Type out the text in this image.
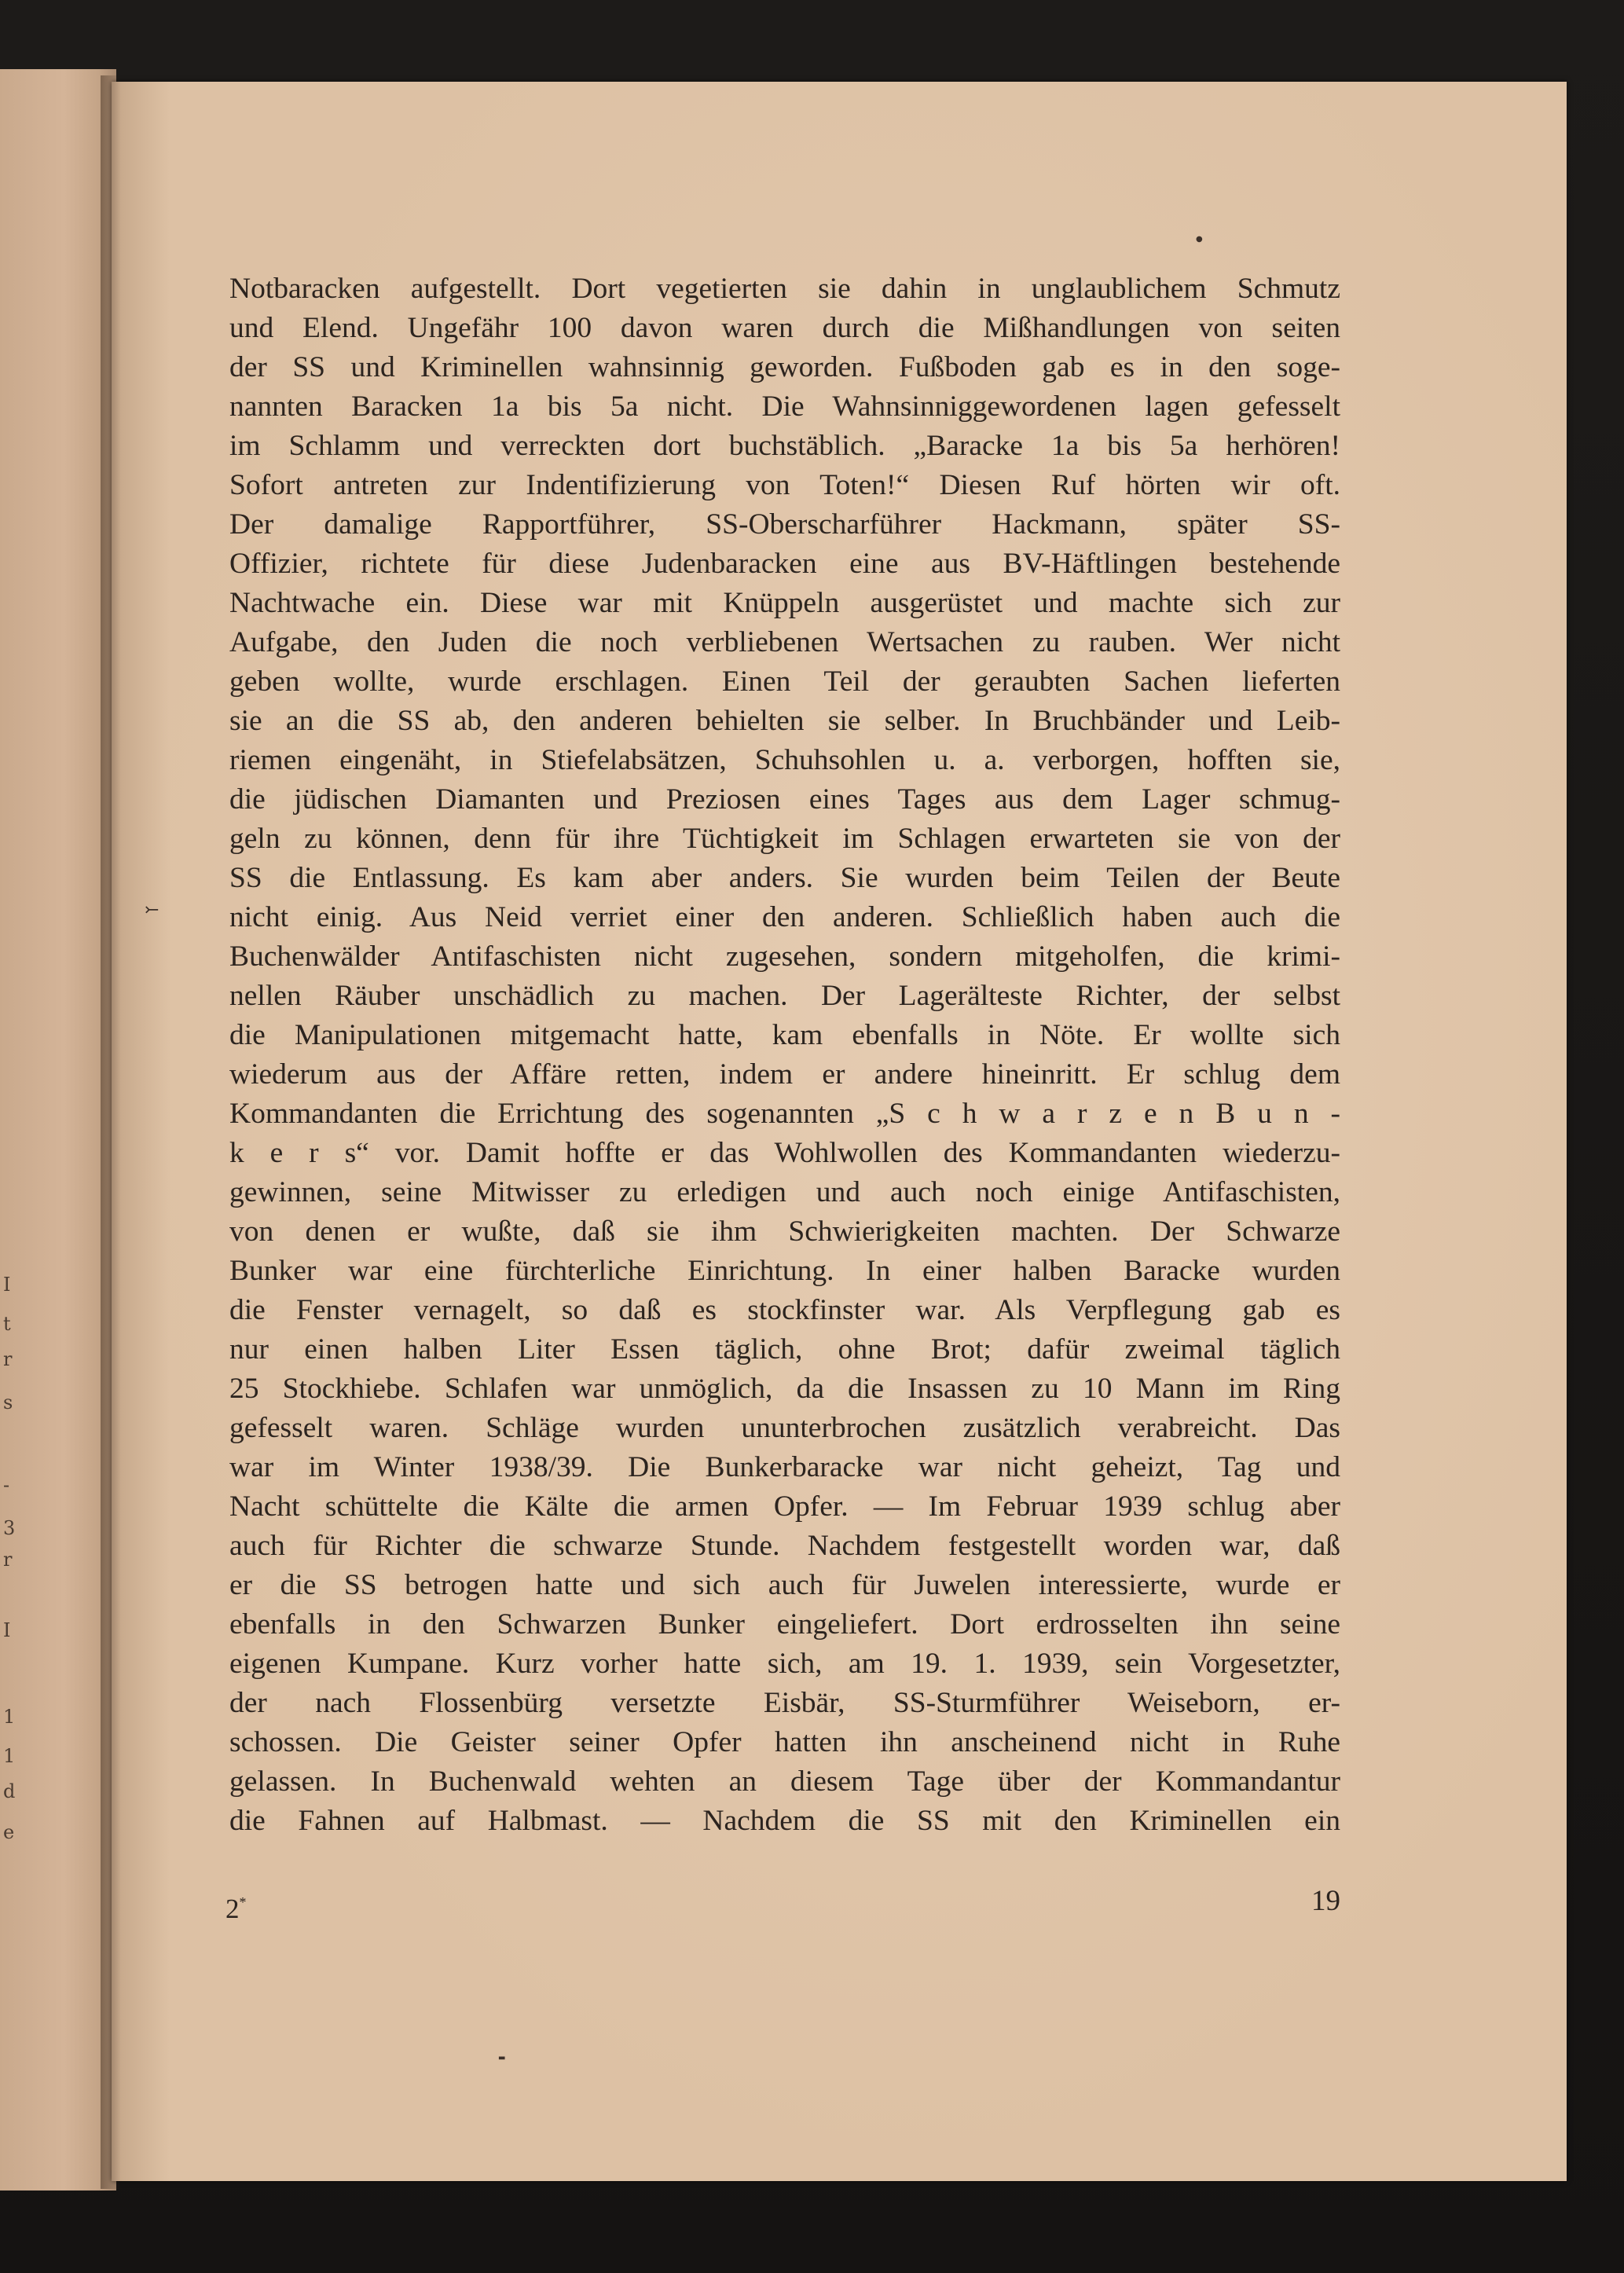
I
t
r
s
-
3
r
I
1
1
d
e
⤚
●
▬
Notbaracken aufgestellt. Dort vegetierten sie dahin in unglaublichem Schmutz
und Elend. Ungefähr 100 davon waren durch die Mißhandlungen von seiten
der SS und Kriminellen wahnsinnig geworden. Fußboden gab es in den soge-
nannten Baracken 1a bis 5a nicht. Die Wahnsinniggewordenen lagen gefesselt
im Schlamm und verreckten dort buchstäblich. „Baracke 1a bis 5a herhören!
Sofort antreten zur Indentifizierung von Toten!“ Diesen Ruf hörten wir oft.
Der damalige Rapportführer, SS-Oberscharführer Hackmann, später SS-
Offizier, richtete für diese Judenbaracken eine aus BV-Häftlingen bestehende
Nachtwache ein. Diese war mit Knüppeln ausgerüstet und machte sich zur
Aufgabe, den Juden die noch verbliebenen Wertsachen zu rauben. Wer nicht
geben wollte, wurde erschlagen. Einen Teil der geraubten Sachen lieferten
sie an die SS ab, den anderen behielten sie selber. In Bruchbänder und Leib-
riemen eingenäht, in Stiefelabsätzen, Schuhsohlen u. a. verborgen, hofften sie,
die jüdischen Diamanten und Preziosen eines Tages aus dem Lager schmug-
geln zu können, denn für ihre Tüchtigkeit im Schlagen erwarteten sie von der
SS die Entlassung. Es kam aber anders. Sie wurden beim Teilen der Beute
nicht einig. Aus Neid verriet einer den anderen. Schließlich haben auch die
Buchenwälder Antifaschisten nicht zugesehen, sondern mitgeholfen, die krimi-
nellen Räuber unschädlich zu machen. Der Lagerälteste Richter, der selbst
die Manipulationen mitgemacht hatte, kam ebenfalls in Nöte. Er wollte sich
wiederum aus der Affäre retten, indem er andere hineinritt. Er schlug dem
Kommandanten die Errichtung des sogenannten „S c h w a r z e n B u n -
k e r s“ vor. Damit hoffte er das Wohlwollen des Kommandanten wiederzu-
gewinnen, seine Mitwisser zu erledigen und auch noch einige Antifaschisten,
von denen er wußte, daß sie ihm Schwierigkeiten machten. Der Schwarze
Bunker war eine fürchterliche Einrichtung. In einer halben Baracke wurden
die Fenster vernagelt, so daß es stockfinster war. Als Verpflegung gab es
nur einen halben Liter Essen täglich, ohne Brot; dafür zweimal täglich
25 Stockhiebe. Schlafen war unmöglich, da die Insassen zu 10 Mann im Ring
gefesselt waren. Schläge wurden ununterbrochen zusätzlich verabreicht. Das
war im Winter 1938/39. Die Bunkerbaracke war nicht geheizt, Tag und
Nacht schüttelte die Kälte die armen Opfer. — Im Februar 1939 schlug aber
auch für Richter die schwarze Stunde. Nachdem festgestellt worden war, daß
er die SS betrogen hatte und sich auch für Juwelen interessierte, wurde er
ebenfalls in den Schwarzen Bunker eingeliefert. Dort erdrosselten ihn seine
eigenen Kumpane. Kurz vorher hatte sich, am 19. 1. 1939, sein Vorgesetzter,
der nach Flossenbürg versetzte Eisbär, SS-Sturmführer Weiseborn, er-
schossen. Die Geister seiner Opfer hatten ihn anscheinend nicht in Ruhe
gelassen. In Buchenwald wehten an diesem Tage über der Kommandantur
die Fahnen auf Halbmast. — Nachdem die SS mit den Kriminellen ein
2*	19
